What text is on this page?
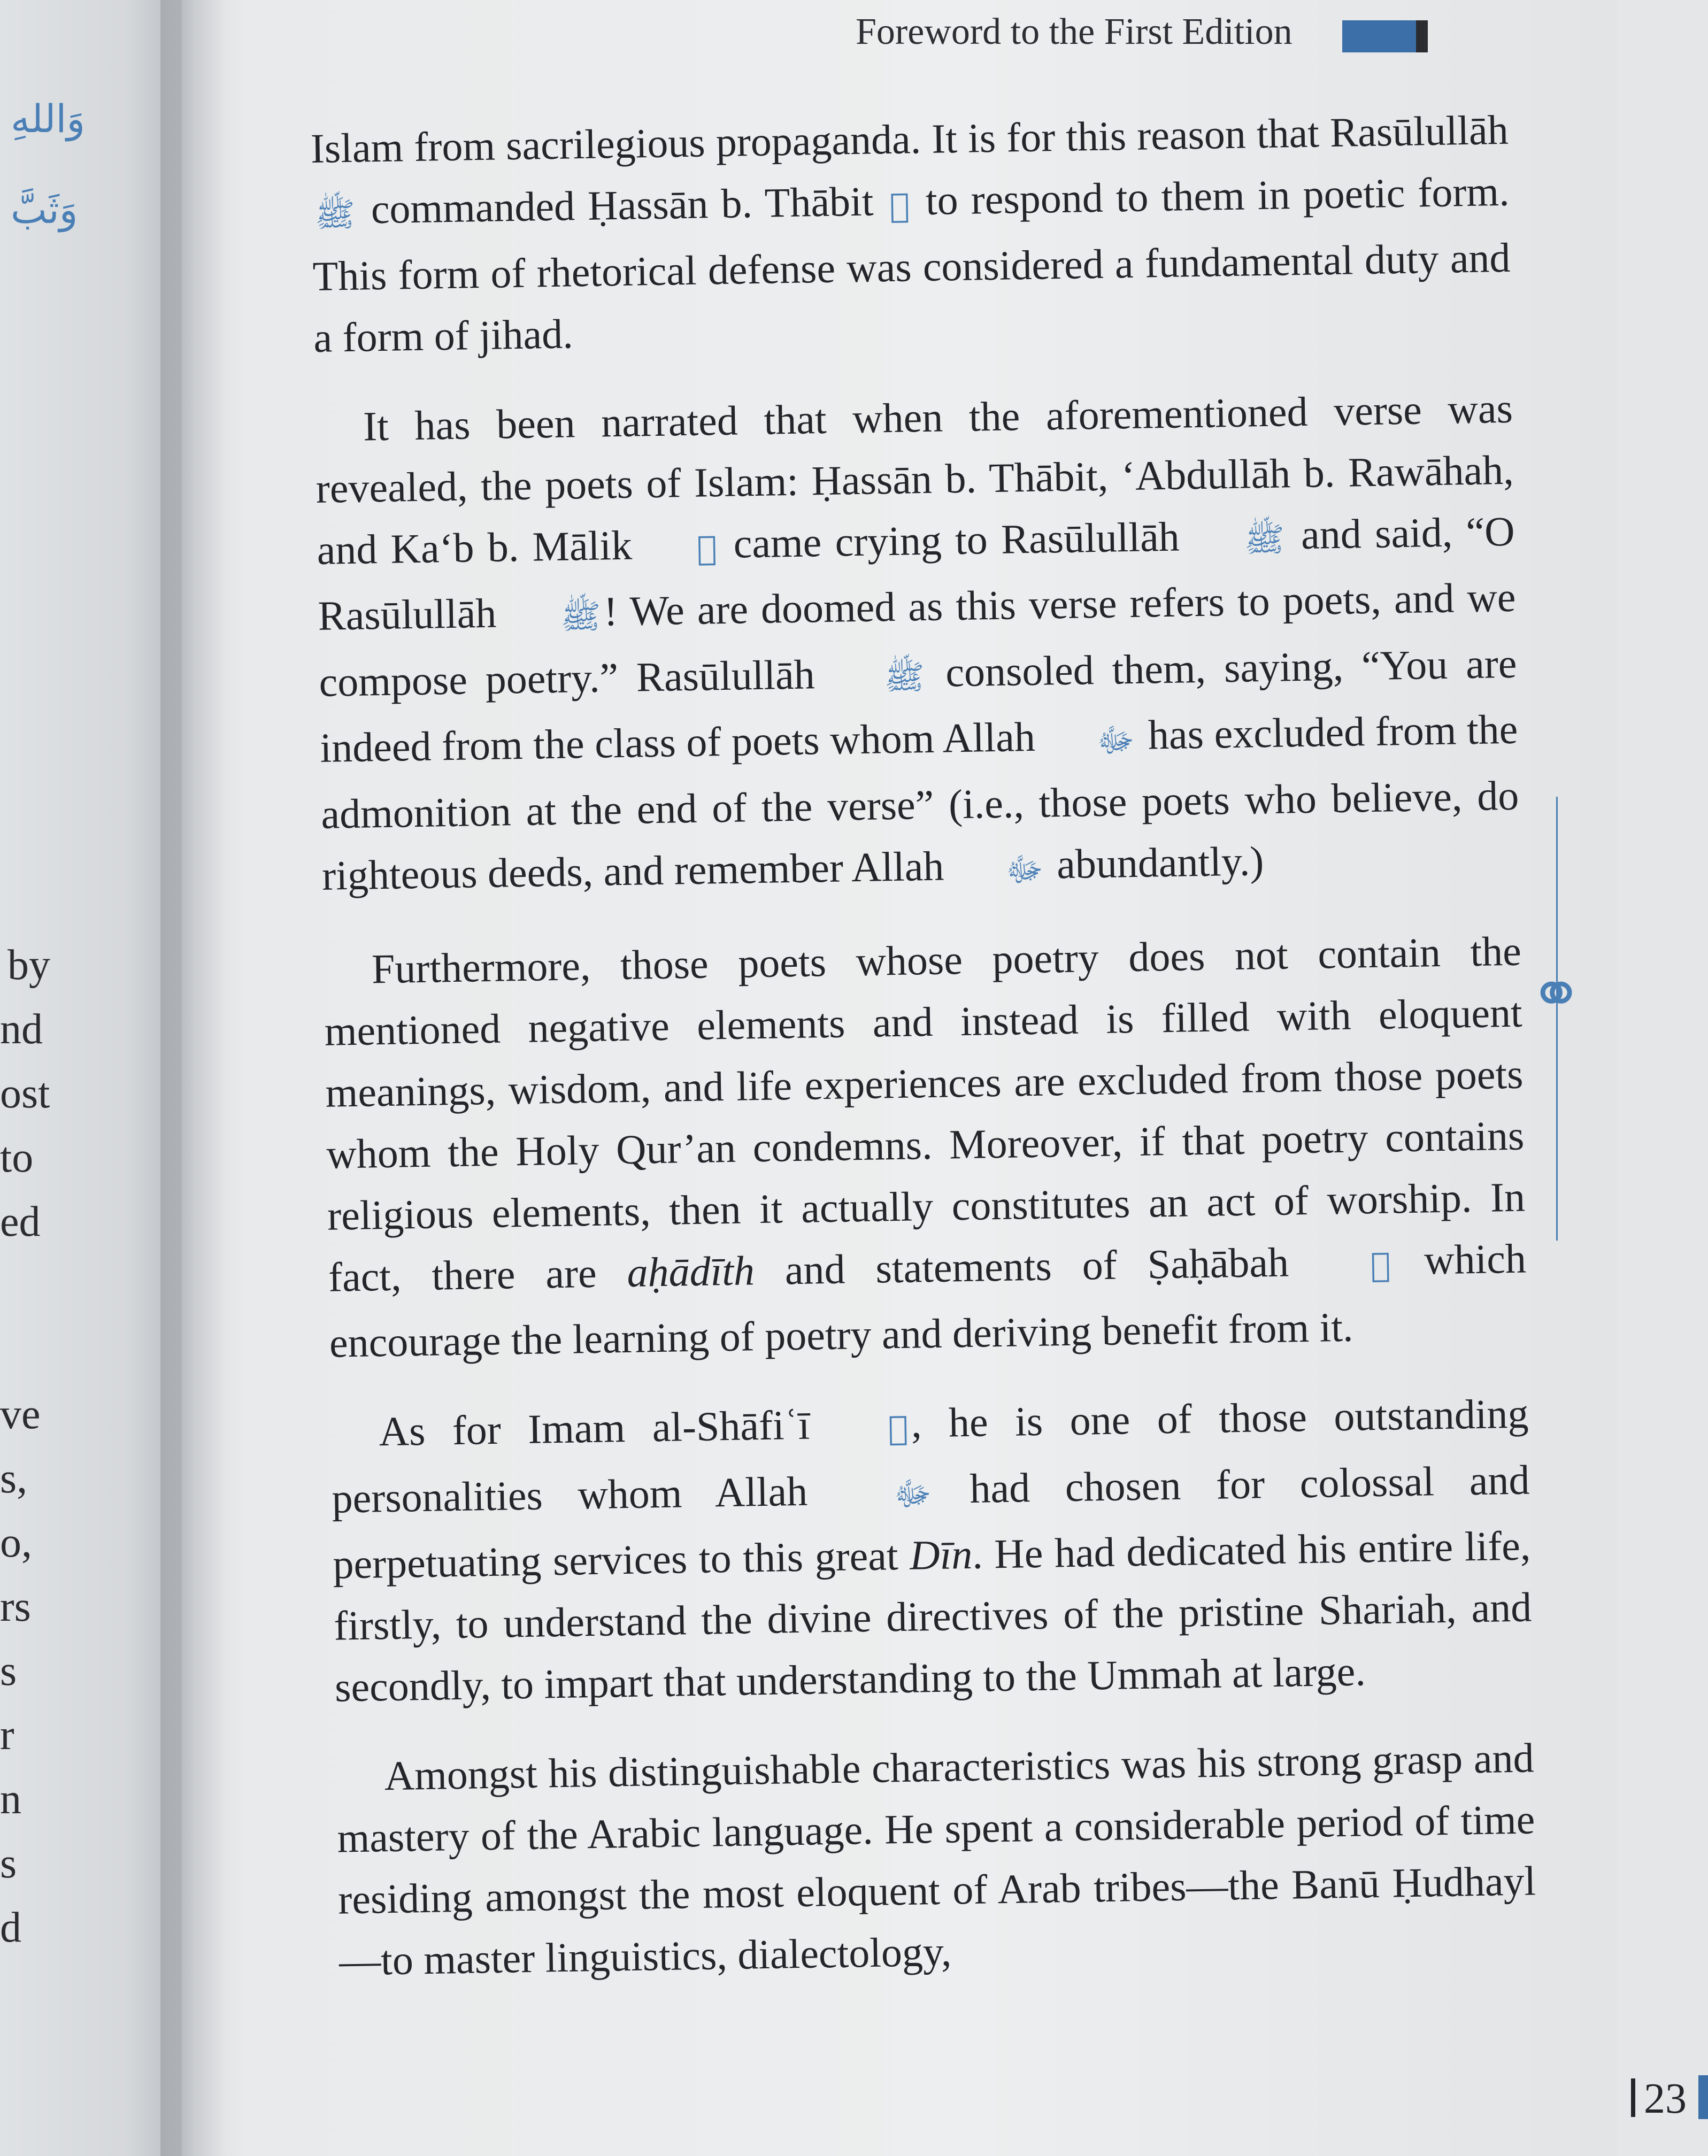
وَاللهِ
وَثَبَّ
by
nd
ost
to
ed
ve
s,
o,
rs
s
r
n
s
d
Foreword to the First Edition

Islam from sacrilegious propaganda. It is for this reason that Rasūlullāh ﷺ commanded Ḥassān b. Thābit ﷛ to respond to them in poetic form. This form of rhetorical defense was considered a fundamental duty and a form of jihad.

It has been narrated that when the aforementioned verse was revealed, the poets of Islam: Ḥassān b. Thābit, ‘Abdullāh b. Rawāhah, and Ka‘b b. Mālik ﷛ came crying to Rasūlullāh ﷺ and said, “O Rasūlullāh ﷺ! We are doomed as this verse refers to poets, and we compose poetry.” Rasūlullāh ﷺ consoled them, saying, “You are indeed from the class of poets whom Allah ﷻ has excluded from the admonition at the end of the verse” (i.e., those poets who believe, do righteous deeds, and remember Allah ﷻ abundantly.)

Furthermore, those poets whose poetry does not contain the mentioned negative elements and instead is filled with eloquent meanings, wisdom, and life experiences are excluded from those poets whom the Holy Qur’an condemns. Moreover, if that poetry contains religious elements, then it actually constitutes an act of worship. In fact, there are aḥādīth and statements of Ṣaḥābah ﷛ which encourage the learning of poetry and deriving benefit from it.

As for Imam al-Shāfiʿī ﷛, he is one of those outstanding personalities whom Allah ﷻ had chosen for colossal and perpetuating services to this great Dīn. He had dedicated his entire life, firstly, to understand the divine directives of the pristine Shariah, and secondly, to impart that understanding to the Ummah at large.

Amongst his distinguishable characteristics was his strong grasp and mastery of the Arabic language. He spent a considerable period of time residing amongst the most eloquent of Arab tribes—the Banū Ḥudhayl—to master linguistics, dialectology,

23
⚭
